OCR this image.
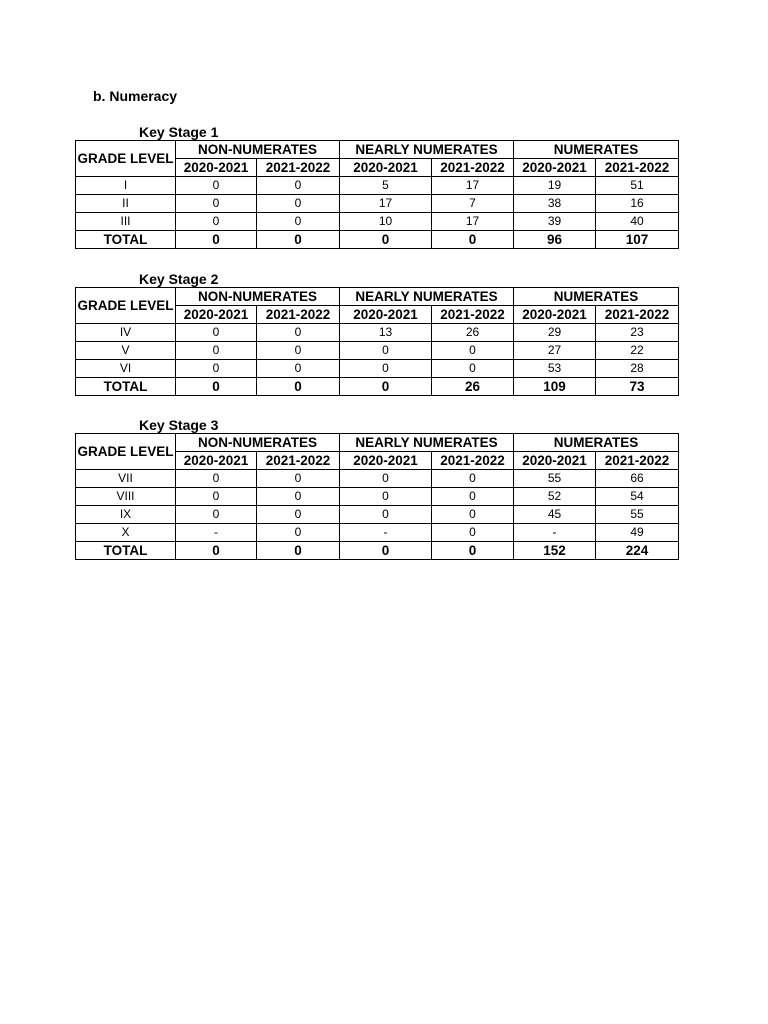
b. Numeracy
Key Stage 1
GRADE LEVEL	NON-NUMERATES		NEARLY NUMERATES		NUMERATES	
	2020-2021	2021-2022	2020-2021	2021-2022	2020-2021	2021-2022
I	0	0	5	17	19	51
II	0	0	17	7	38	16
III	0	0	10	17	39	40
TOTAL	0	0	0	0	96	107
Key Stage 2
GRADE LEVEL	NON-NUMERATES		NEARLY NUMERATES		NUMERATES	
	2020-2021	2021-2022	2020-2021	2021-2022	2020-2021	2021-2022
IV	0	0	13	26	29	23
V	0	0	0	0	27	22
VI	0	0	0	0	53	28
TOTAL	0	0	0	26	109	73
Key Stage 3
GRADE LEVEL	NON-NUMERATES		NEARLY NUMERATES		NUMERATES	
	2020-2021	2021-2022	2020-2021	2021-2022	2020-2021	2021-2022
VII	0	0	0	0	55	66
VIII	0	0	0	0	52	54
IX	0	0	0	0	45	55
X	-	0	-	0	-	49
TOTAL	0	0	0	0	152	224
